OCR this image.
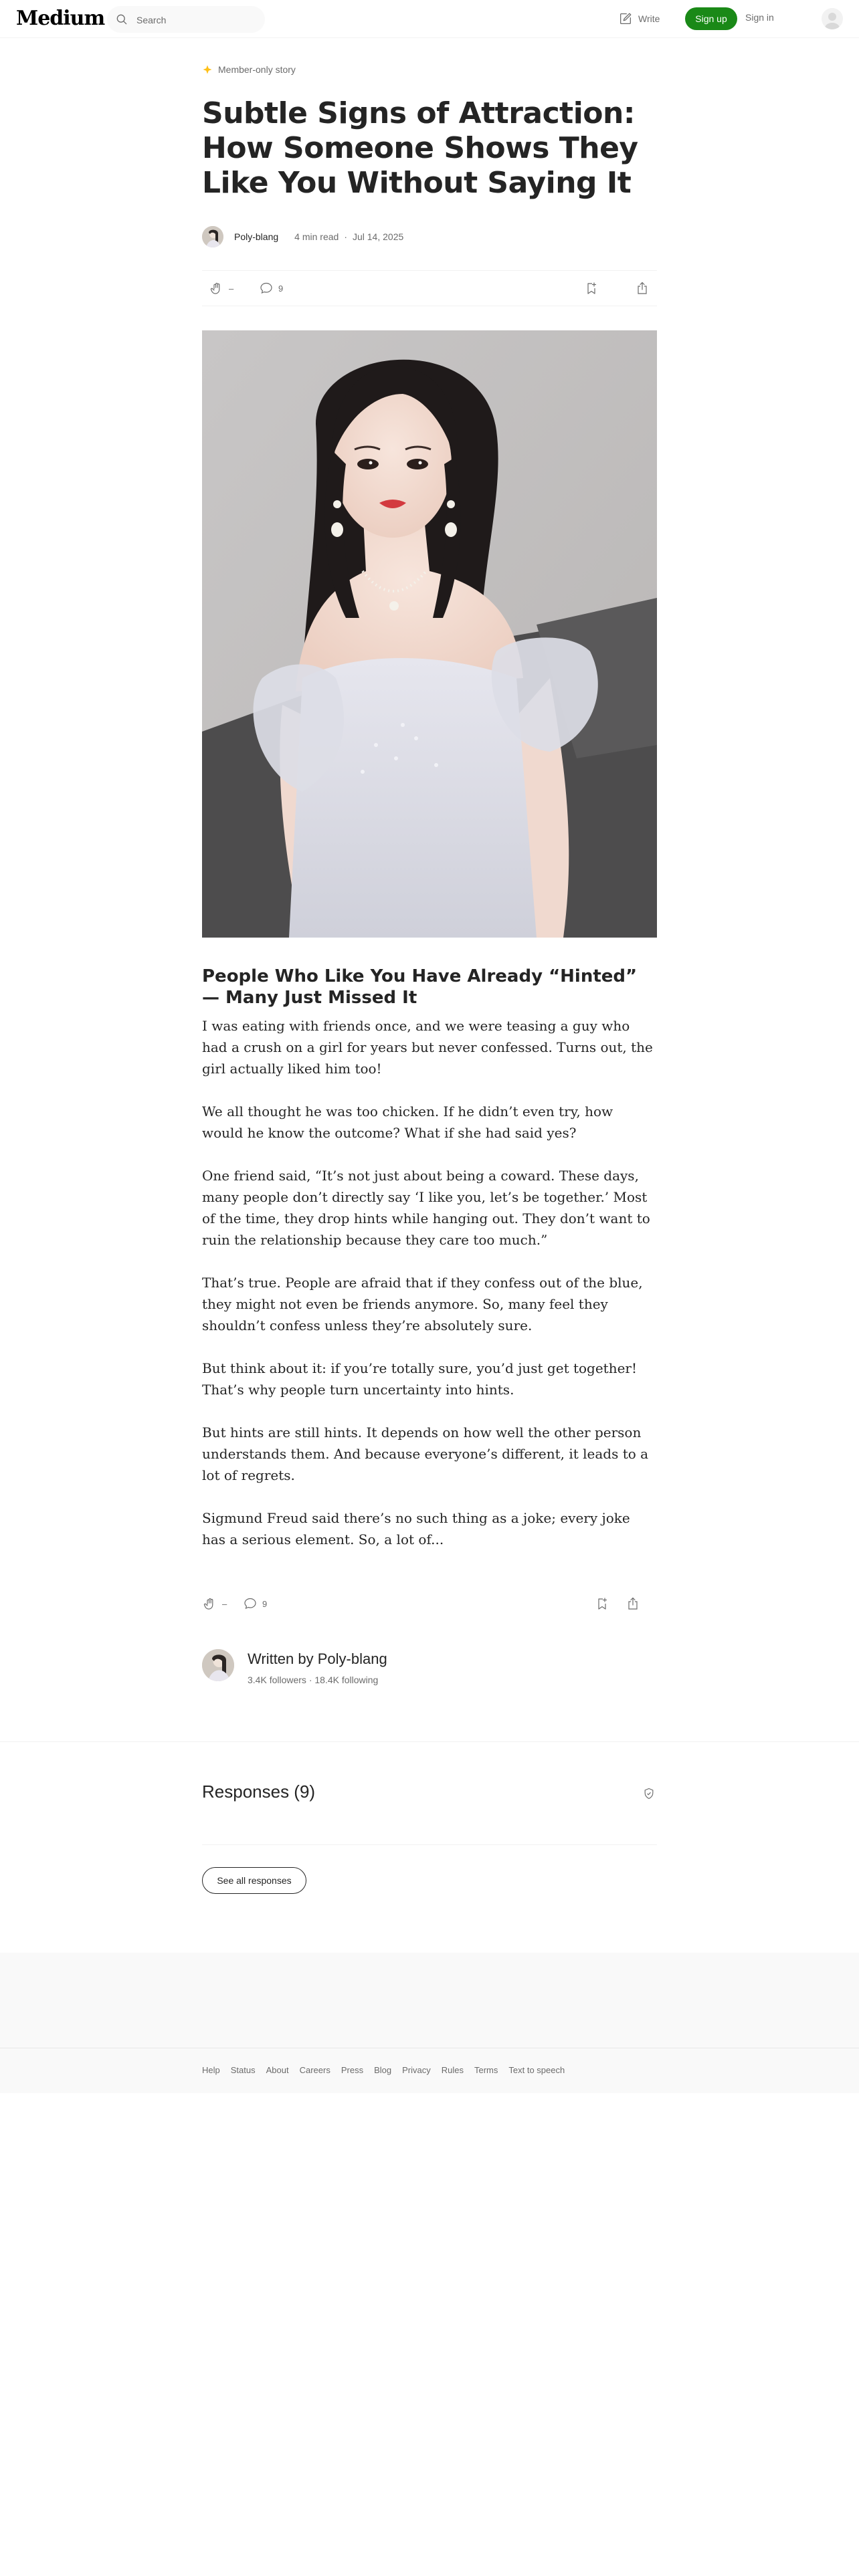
Medium
Search	Write	Sign up	Sign in
Member-only story
Subtle Signs of Attraction: How Someone Shows They Like You Without Saying It
Poly-blang 4 min read · Jul 14, 2025
–	9
People Who Like You Have Already “Hinted” — Many Just Missed It

I was eating with friends once, and we were teasing a guy who had a crush on a girl for years but never confessed. Turns out, the girl actually liked him too!

We all thought he was too chicken. If he didn’t even try, how would he know the outcome? What if she had said yes?

One friend said, “It’s not just about being a coward. These days, many people don’t directly say ‘I like you, let’s be together.’ Most of the time, they drop hints while hanging out. They don’t want to ruin the relationship because they care too much.”

That’s true. People are afraid that if they confess out of the blue, they might not even be friends anymore. So, many feel they shouldn’t confess unless they’re absolutely sure.

But think about it: if you’re totally sure, you’d just get together! That’s why people turn uncertainty into hints.

But hints are still hints. It depends on how well the other person understands them. And because everyone’s different, it leads to a lot of regrets.

Sigmund Freud said there’s no such thing as a joke; every joke has a serious element. So, a lot of...

–	9
Written by Poly-blang
3.4K followers · 18.4K following
Responses (9)
See all responses
Help Status About Careers Press Blog Privacy Rules Terms Text to speech
